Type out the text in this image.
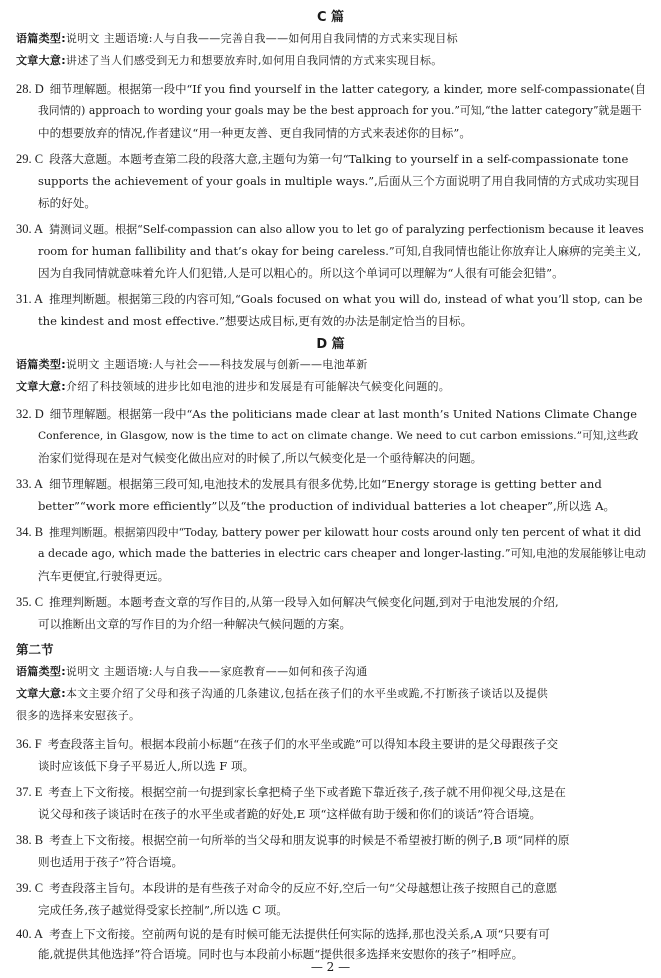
C 篇
语篇类型:说明文 主题语境:人与自我——完善自我——如何用自我同情的方式来实现目标
文章大意:讲述了当人们感受到无力和想要放弃时,如何用自我同情的方式来实现目标。
28. D 细节理解题。根据第一段中“If you find yourself in the latter category, a kinder, more self-compassionate(自
我同情的) approach to wording your goals may be the best approach for you.”可知,“the latter category”就是题干
中的想要放弃的情况,作者建议“用一种更友善、更自我同情的方式来表述你的目标”。
29. C 段落大意题。本题考查第二段的段落大意,主题句为第一句“Talking to yourself in a self-compassionate tone
supports the achievement of your goals in multiple ways.”,后面从三个方面说明了用自我同情的方式成功实现目
标的好处。
30. A 猜测词义题。根据“Self-compassion can also allow you to let go of paralyzing perfectionism because it leaves
room for human fallibility and that’s okay for being careless.”可知,自我同情也能让你放弃让人麻痹的完美主义,
因为自我同情就意味着允许人们犯错,人是可以粗心的。所以这个单词可以理解为“人很有可能会犯错”。
31. A 推理判断题。根据第三段的内容可知,“Goals focused on what you will do, instead of what you’ll stop, can be
the kindest and most effective.”想要达成目标,更有效的办法是制定恰当的目标。
D 篇
语篇类型:说明文 主题语境:人与社会——科技发展与创新——电池革新
文章大意:介绍了科技领域的进步比如电池的进步和发展是有可能解决气候变化问题的。
32. D 细节理解题。根据第一段中“As the politicians made clear at last month’s United Nations Climate Change
Conference, in Glasgow, now is the time to act on climate change. We need to cut carbon emissions.”可知,这些政
治家们觉得现在是对气候变化做出应对的时候了,所以气候变化是一个亟待解决的问题。
33. A 细节理解题。根据第三段可知,电池技术的发展具有很多优势,比如“Energy storage is getting better and
better”“work more efficiently”以及“the production of individual batteries a lot cheaper”,所以选 A。
34. B 推理判断题。根据第四段中“Today, battery power per kilowatt hour costs around only ten percent of what it did
a decade ago, which made the batteries in electric cars cheaper and longer-lasting.”可知,电池的发展能够让电动
汽车更便宜,行驶得更远。
35. C 推理判断题。本题考查文章的写作目的,从第一段导入如何解决气候变化问题,到对于电池发展的介绍,
可以推断出文章的写作目的为介绍一种解决气候问题的方案。
第二节
语篇类型:说明文 主题语境:人与自我——家庭教育——如何和孩子沟通
文章大意:本文主要介绍了父母和孩子沟通的几条建议,包括在孩子们的水平坐或跪,不打断孩子谈话以及提供
很多的选择来安慰孩子。
36. F 考查段落主旨句。根据本段前小标题“在孩子们的水平坐或跪”可以得知本段主要讲的是父母跟孩子交
谈时应该低下身子平易近人,所以选 F 项。
37. E 考查上下文衔接。根据空前一句提到家长拿把椅子坐下或者跪下靠近孩子,孩子就不用仰视父母,这是在
说父母和孩子谈话时在孩子的水平坐或者跪的好处,E 项“这样做有助于缓和你们的谈话”符合语境。
38. B 考查上下文衔接。根据空前一句所举的当父母和朋友说事的时候是不希望被打断的例子,B 项“同样的原
则也适用于孩子”符合语境。
39. C 考查段落主旨句。本段讲的是有些孩子对命令的反应不好,空后一句“父母越想让孩子按照自己的意愿
完成任务,孩子越觉得受家长控制”,所以选 C 项。
40. A 考查上下文衔接。空前两句说的是有时候可能无法提供任何实际的选择,那也没关系,A 项“只要有可
能,就提供其他选择”符合语境。同时也与本段前小标题“提供很多选择来安慰你的孩子”相呼应。
— 2 —
